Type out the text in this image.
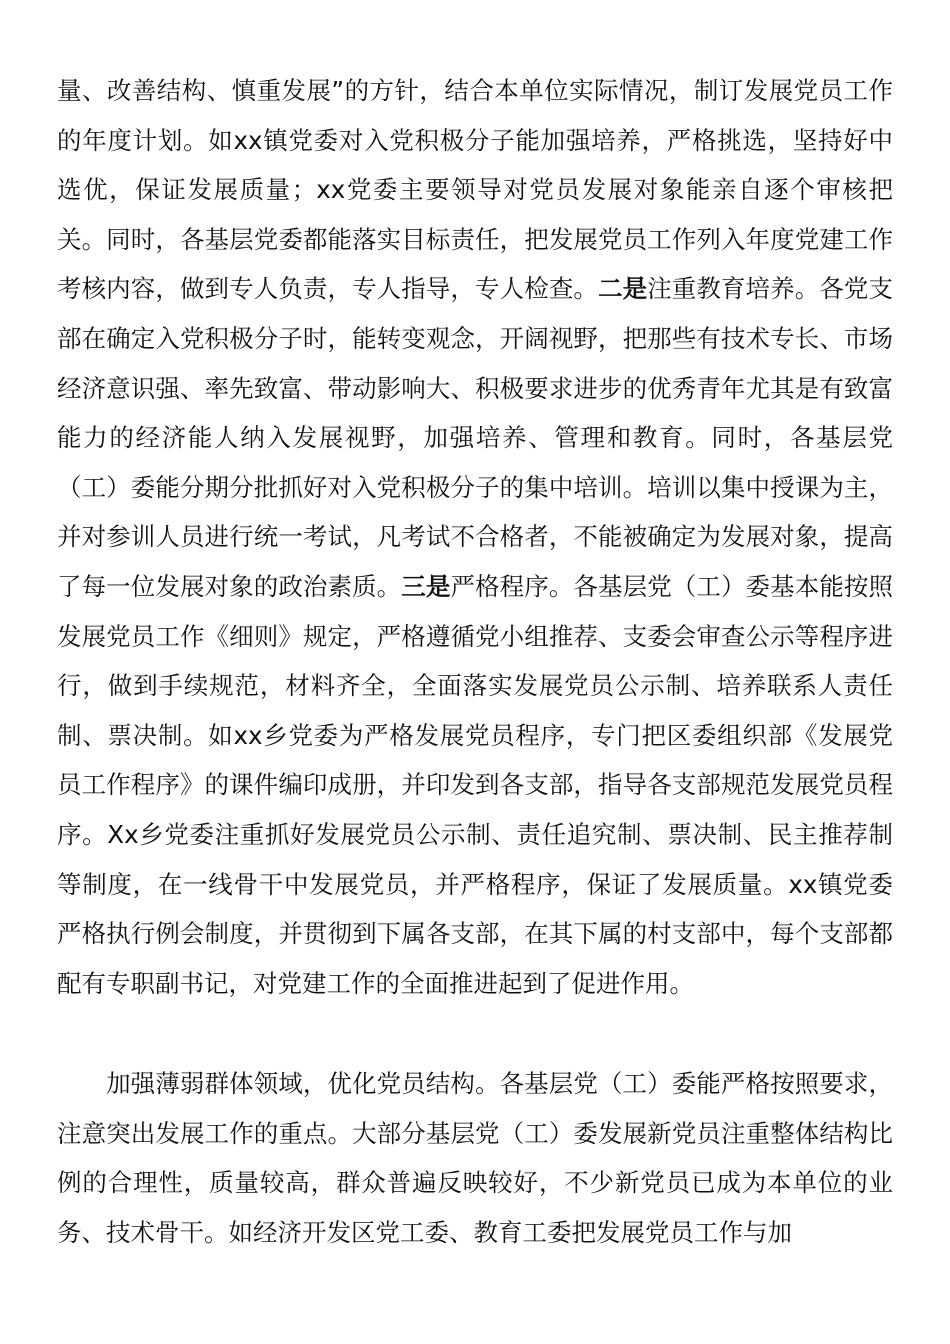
量、改善结构、慎重发展”的方针，结合本单位实际情况，制订发展党员工作的年度计划。如xx镇党委对入党积极分子能加强培养，严格挑选，坚持好中选优，保证发展质量；xx党委主要领导对党员发展对象能亲自逐个审核把关。同时，各基层党委都能落实目标责任，把发展党员工作列入年度党建工作考核内容，做到专人负责，专人指导，专人检查。二是注重教育培养。各党支部在确定入党积极分子时，能转变观念，开阔视野，把那些有技术专长、市场经济意识强、率先致富、带动影响大、积极要求进步的优秀青年尤其是有致富能力的经济能人纳入发展视野，加强培养、管理和教育。同时，各基层党（工）委能分期分批抓好对入党积极分子的集中培训。培训以集中授课为主，并对参训人员进行统一考试，凡考试不合格者，不能被确定为发展对象，提高了每一位发展对象的政治素质。三是严格程序。各基层党（工）委基本能按照发展党员工作《细则》规定，严格遵循党小组推荐、支委会审查公示等程序进行，做到手续规范，材料齐全，全面落实发展党员公示制、培养联系人责任制、票决制。如xx乡党委为严格发展党员程序，专门把区委组织部《发展党员工作程序》的课件编印成册，并印发到各支部，指导各支部规范发展党员程序。Xx乡党委注重抓好发展党员公示制、责任追究制、票决制、民主推荐制等制度，在一线骨干中发展党员，并严格程序，保证了发展质量。xx镇党委严格执行例会制度，并贯彻到下属各支部，在其下属的村支部中，每个支部都配有专职副书记，对党建工作的全面推进起到了促进作用。

加强薄弱群体领域，优化党员结构。各基层党（工）委能严格按照要求，注意突出发展工作的重点。大部分基层党（工）委发展新党员注重整体结构比例的合理性，质量较高，群众普遍反映较好，不少新党员已成为本单位的业务、技术骨干。如经济开发区党工委、教育工委把发展党员工作与加
